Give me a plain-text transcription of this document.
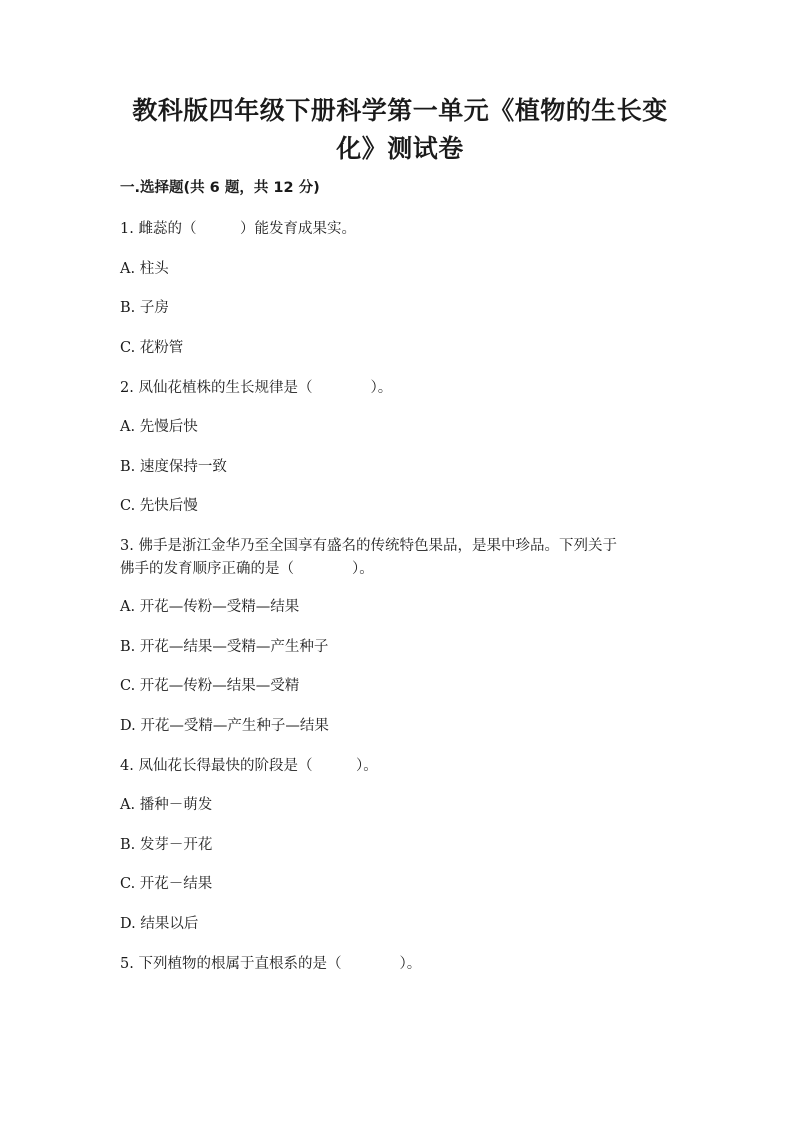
教科版四年级下册科学第一单元《植物的生长变
化》测试卷
一.选择题(共 6 题，共 12 分)
1. 雌蕊的（　　　）能发育成果实。
A. 柱头
B. 子房
C. 花粉管
2. 凤仙花植株的生长规律是（　　　　）。
A. 先慢后快
B. 速度保持一致
C. 先快后慢
3. 佛手是浙江金华乃至全国享有盛名的传统特色果品，是果中珍品。下列关于
佛手的发育顺序正确的是（　　　　）。
A. 开花—传粉—受精—结果
B. 开花—结果—受精—产生种子
C. 开花—传粉—结果—受精
D. 开花—受精—产生种子—结果
4. 凤仙花长得最快的阶段是（　　　）。
A. 播种－萌发
B. 发芽－开花
C. 开花－结果
D. 结果以后
5. 下列植物的根属于直根系的是（　　　　）。
